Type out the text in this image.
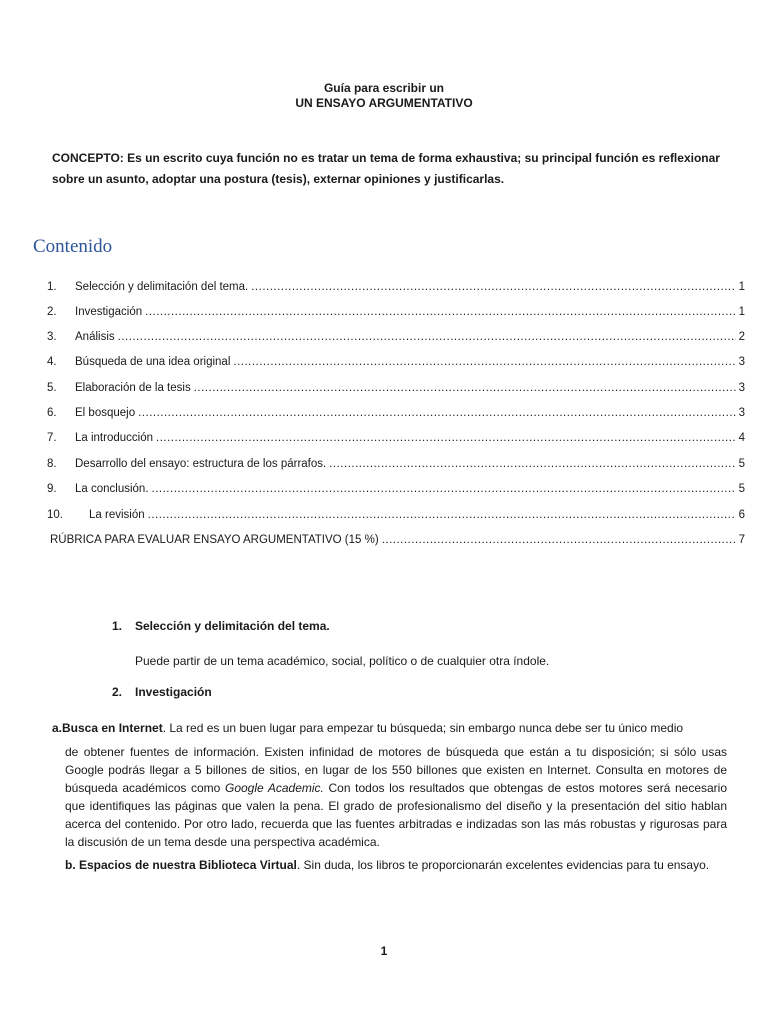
Guía para escribir un
UN ENSAYO ARGUMENTATIVO
CONCEPTO: Es un escrito cuya función no es tratar un tema de forma exhaustiva; su principal función es reflexionar sobre un asunto, adoptar una postura (tesis), externar opiniones y justificarlas.
Contenido
1.	Selección y delimitación del tema. .....	1
2.	Investigación .....	1
3.	Análisis .....	2
4.	Búsqueda de una idea original .....	3
5.	Elaboración de la tesis .....	3
6.	El bosquejo .....	3
7.	La introducción .....	4
8.	Desarrollo del ensayo: estructura de los párrafos. .....	5
9.	La conclusión. .....	5
10.	La revisión .....	6
RÚBRICA PARA EVALUAR ENSAYO ARGUMENTATIVO (15 %) .....	7
1. Selección y delimitación del tema.
Puede partir de un tema académico, social, político o de cualquier otra índole.
2. Investigación
a.Busca en Internet. La red es un buen lugar para empezar tu búsqueda; sin embargo nunca debe ser tu único medio
de obtener fuentes de información. Existen infinidad de motores de búsqueda que están a tu disposición; si sólo usas Google podrás llegar a 5 billones de sitios, en lugar de los 550 billones que existen en Internet. Consulta en motores de búsqueda académicos como Google Academic. Con todos los resultados que obtengas de estos motores será necesario que identifiques las páginas que valen la pena. El grado de profesionalismo del diseño y la presentación del sitio hablan acerca del contenido. Por otro lado, recuerda que las fuentes arbitradas e indizadas son las más robustas y rigurosas para la discusión de un tema desde una perspectiva académica.
b. Espacios de nuestra Biblioteca Virtual. Sin duda, los libros te proporcionarán excelentes evidencias para tu ensayo.
1
